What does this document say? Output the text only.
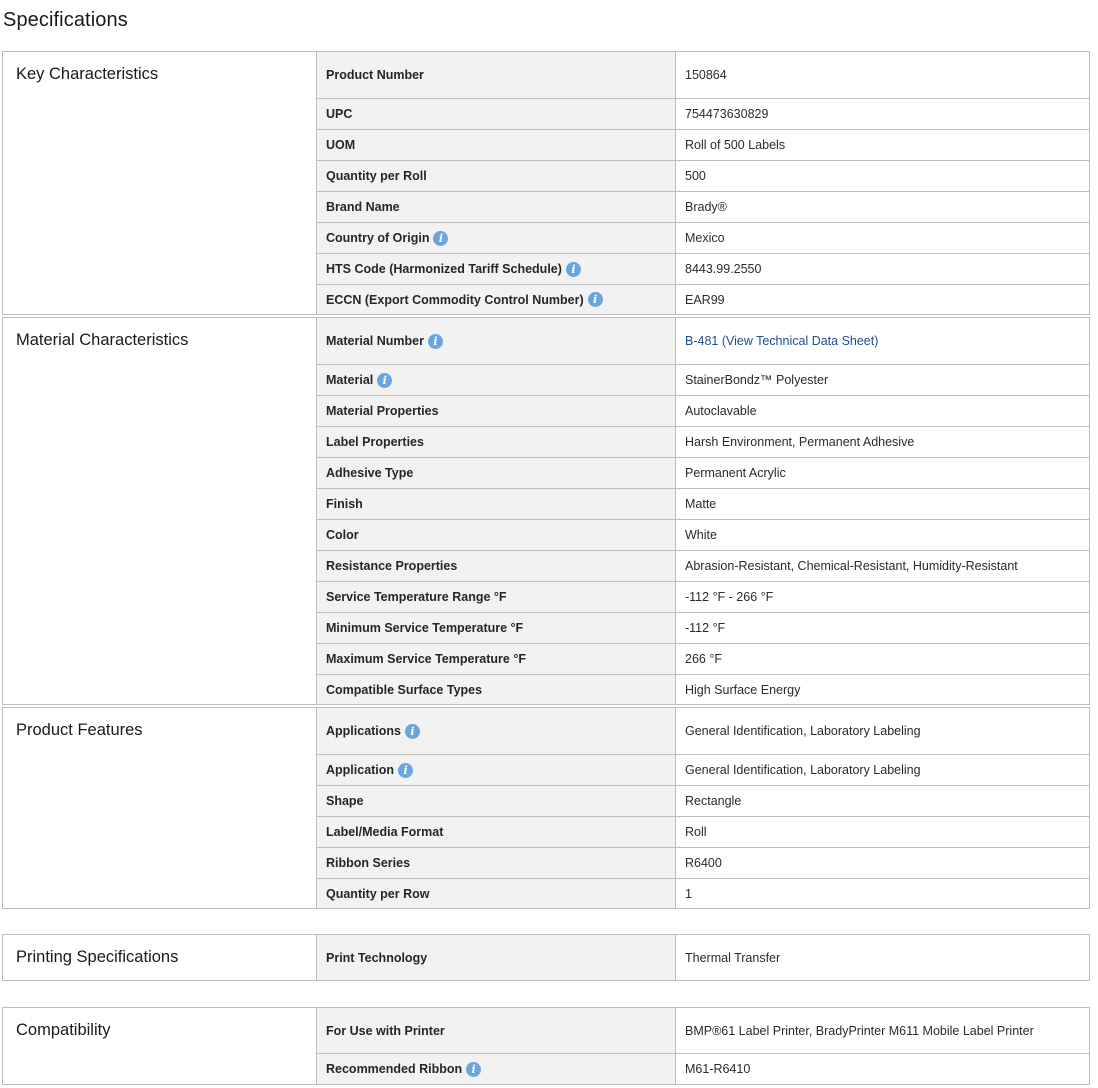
Specifications
Key Characteristics	Product Number	150864
UPC	754473630829
UOM	Roll of 500 Labels
Quantity per Roll	500
Brand Name	Brady®
Country of Origin i	Mexico
HTS Code (Harmonized Tariff Schedule) i	8443.99.2550
ECCN (Export Commodity Control Number) i	EAR99
Material Characteristics	Material Number i	B-481 (View Technical Data Sheet)
Material i	StainerBondz™ Polyester
Material Properties	Autoclavable
Label Properties	Harsh Environment, Permanent Adhesive
Adhesive Type	Permanent Acrylic
Finish	Matte
Color	White
Resistance Properties	Abrasion-Resistant, Chemical-Resistant, Humidity-Resistant
Service Temperature Range °F	-112 °F - 266 °F
Minimum Service Temperature °F	-112 °F
Maximum Service Temperature °F	266 °F
Compatible Surface Types	High Surface Energy
Product Features	Applications i	General Identification, Laboratory Labeling
Application i	General Identification, Laboratory Labeling
Shape	Rectangle
Label/Media Format	Roll
Ribbon Series	R6400
Quantity per Row	1
Printing Specifications	Print Technology	Thermal Transfer
Compatibility	For Use with Printer	BMP®61 Label Printer, BradyPrinter M611 Mobile Label Printer
Recommended Ribbon i	M61-R6410
